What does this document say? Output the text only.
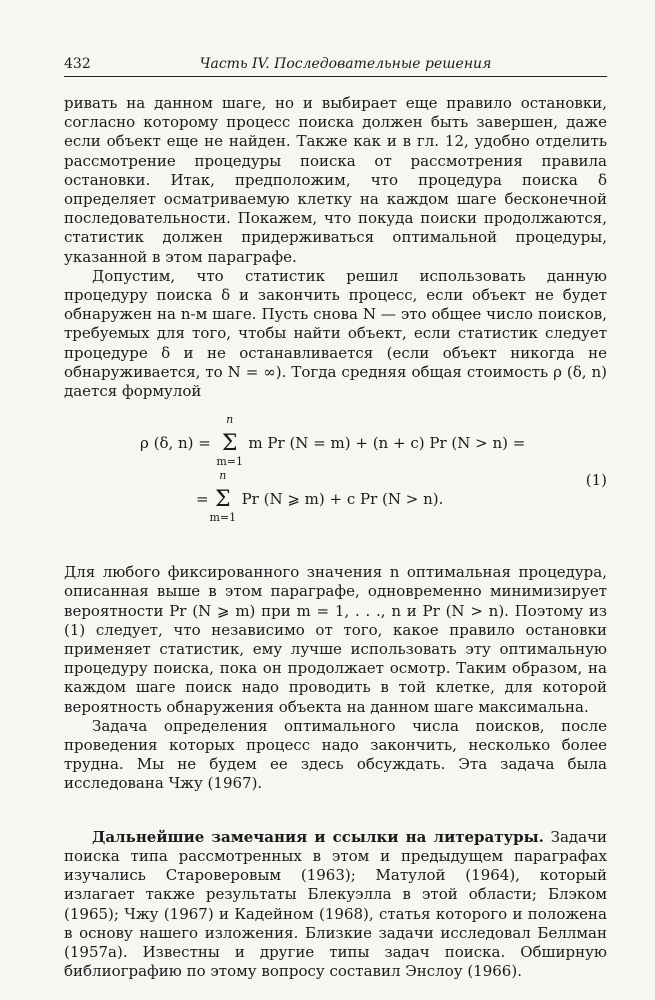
432	Часть IV. Последовательные решения

ривать на данном шаге, но и выбирает еще правило остановки, согласно которому процесс поиска должен быть завершен, даже если объект еще не найден. Также как и в гл. 12, удобно отделить рассмотрение процедуры поиска от рассмотрения правила остановки. Итак, предположим, что процедура поиска δ определяет осматриваемую клетку на каждом шаге бесконечной последовательности. Покажем, что покуда поиски продолжаются, статистик должен придерживаться оптимальной процедуры, указанной в этом параграфе.

Допустим, что статистик решил использовать данную процедуру поиска δ и закончить процесс, если объект не будет обнаружен на n-м шаге. Пусть снова N — это общее число поисков, требуемых для того, чтобы найти объект, если статистик следует процедуре δ и не останавливается (если объект никогда не обнаруживается, то N = ∞). Тогда средняя общая стоимость ρ (δ, n) дается формулой

ρ (δ, n) =
n
Σ
m=1
m Pr (N = m) + (n + c) Pr (N > n) =
=
n
Σ
m=1
Pr (N ⩾ m) + c Pr (N > n).
(1)

Для любого фиксированного значения n оптимальная процедура, описанная выше в этом параграфе, одновременно минимизирует вероятности Pr (N ⩾ m) при m = 1, . . ., n и Pr (N > n). Поэтому из (1) следует, что независимо от того, какое правило остановки применяет статистик, ему лучше использовать эту оптимальную процедуру поиска, пока он продолжает осмотр. Таким образом, на каждом шаге поиск надо проводить в той клетке, для которой вероятность обнаружения объекта на данном шаге максимальна.

Задача определения оптимального числа поисков, после проведения которых процесс надо закончить, несколько более трудна. Мы не будем ее здесь обсуждать. Эта задача была исследована Чжу (1967).

Дальнейшие замечания и ссылки на литературы. Задачи поиска типа рассмотренных в этом и предыдущем параграфах изучались Староверовым (1963); Матулой (1964), который излагает также результаты Блекуэлла в этой области; Блэком (1965); Чжу (1967) и Кадейном (1968), статья которого и положена в основу нашего изложения. Близкие задачи исследовал Беллман (1957a). Известны и другие типы задач поиска. Обширную библиографию по этому вопросу составил Энслоу (1966).
